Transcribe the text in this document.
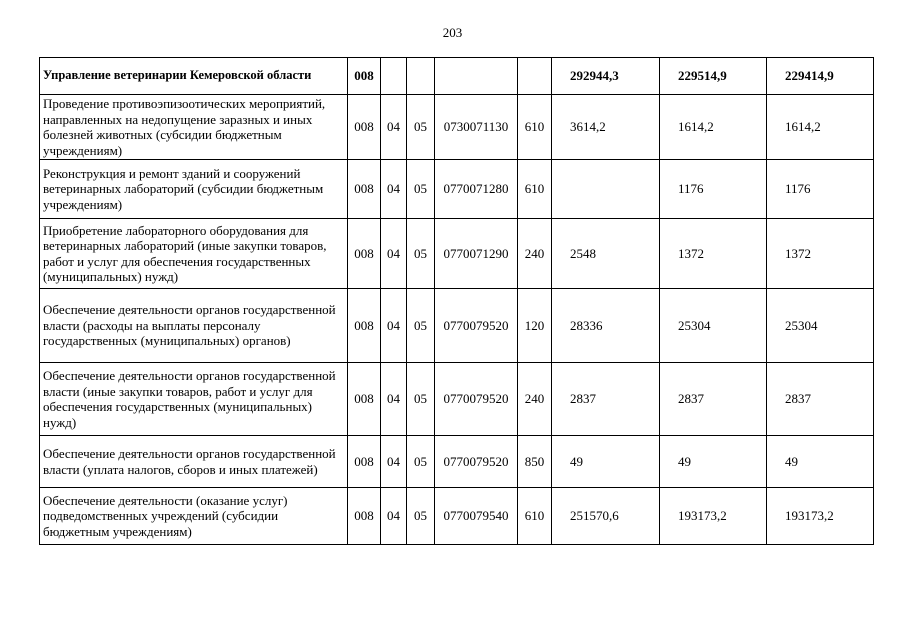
203
Управление ветеринарии Кемеровской области	008					292944,3	229514,9	229414,9
Проведение противоэпизоотических мероприятий, направленных на недопущение заразных и иных болезней животных (субсидии бюджетным учреждениям)	008	04	05	0730071130	610	3614,2	1614,2	1614,2
Реконструкция и ремонт зданий и сооружений ветеринарных лабораторий (субсидии бюджетным учреждениям)	008	04	05	0770071280	610		1176	1176
Приобретение лабораторного оборудования для ветеринарных лабораторий (иные закупки товаров, работ и услуг для обеспечения государственных (муниципальных) нужд)	008	04	05	0770071290	240	2548	1372	1372
Обеспечение деятельности органов государственной власти (расходы на выплаты персоналу государственных (муниципальных) органов)	008	04	05	0770079520	120	28336	25304	25304
Обеспечение деятельности органов государственной власти (иные закупки товаров, работ и услуг для обеспечения государственных (муниципальных) нужд)	008	04	05	0770079520	240	2837	2837	2837
Обеспечение деятельности органов государственной власти (уплата налогов, сборов и иных платежей)	008	04	05	0770079520	850	49	49	49
Обеспечение деятельности (оказание услуг) подведомственных учреждений (субсидии бюджетным учреждениям)	008	04	05	0770079540	610	251570,6	193173,2	193173,2
